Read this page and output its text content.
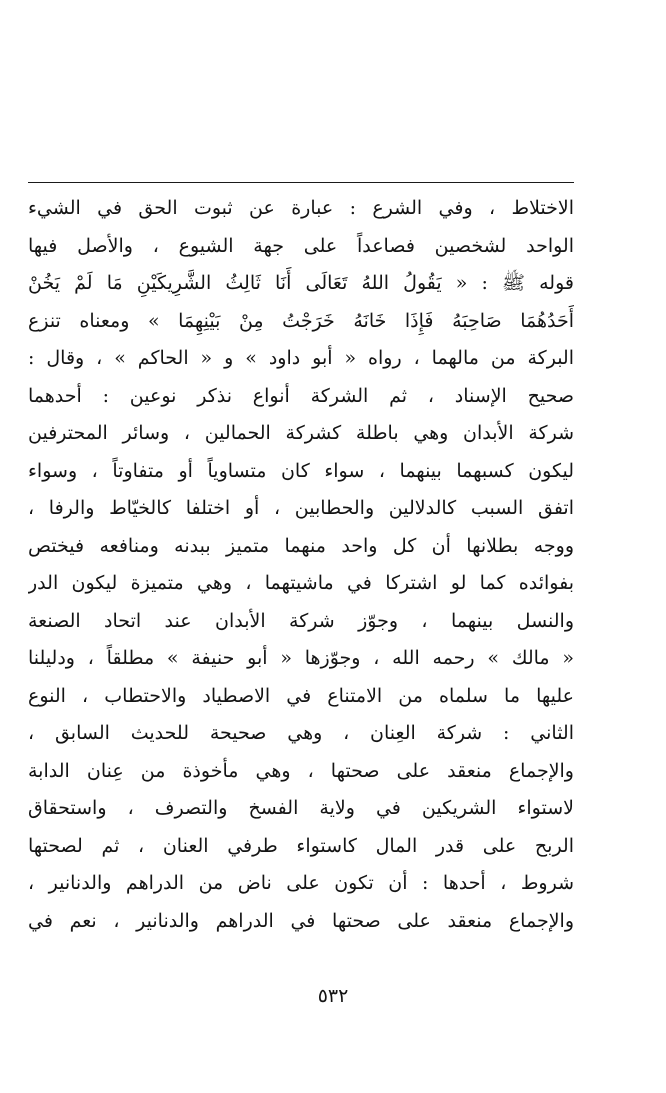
الاختلاط ، وفي الشرع : عبارة عن ثبوت الحق في الشيء
الواحد لشخصين فصاعداً على جهة الشيوع ، والأصل فيها
قوله ﷺ : « يَقُولُ اللهُ تَعَالَى أَنَا ثَالِثُ الشَّرِيكَيْنِ مَا لَمْ يَخُنْ
أَحَدُهُمَا صَاحِبَهُ فَإِذَا خَانَهُ خَرَجْتُ مِنْ بَيْنِهِمَا » ومعناه تنزع
البركة من مالهما ، رواه « أبو داود » و « الحاكم » ، وقال :
صحيح الإسناد ، ثم الشركة أنواع نذكر نوعين : أحدهما
شركة الأبدان وهي باطلة كشركة الحمالين ، وسائر المحترفين
ليكون كسبهما بينهما ، سواء كان متساوياً أو متفاوتاً ، وسواء
اتفق السبب كالدلالين والحطابين ، أو اختلفا كالخيّاط والرفا ،
ووجه بطلانها أن كل واحد منهما متميز ببدنه ومنافعه فيختص
بفوائده كما لو اشتركا في ماشيتهما ، وهي متميزة ليكون الدر
والنسل بينهما ، وجوّز شركة الأبدان عند اتحاد الصنعة
« مالك » رحمه الله ، وجوّزها « أبو حنيفة » مطلقاً ، ودليلنا
عليها ما سلماه من الامتناع في الاصطياد والاحتطاب ، النوع
الثاني : شركة العِنان ، وهي صحيحة للحديث السابق ،
والإجماع منعقد على صحتها ، وهي مأخوذة من عِنان الدابة
لاستواء الشريكين في ولاية الفسخ والتصرف ، واستحقاق
الربح على قدر المال كاستواء طرفي العنان ، ثم لصحتها
شروط ، أحدها : أن تكون على ناض من الدراهم والدنانير ،
والإجماع منعقد على صحتها في الدراهم والدنانير ، نعم في
٥٣٢
